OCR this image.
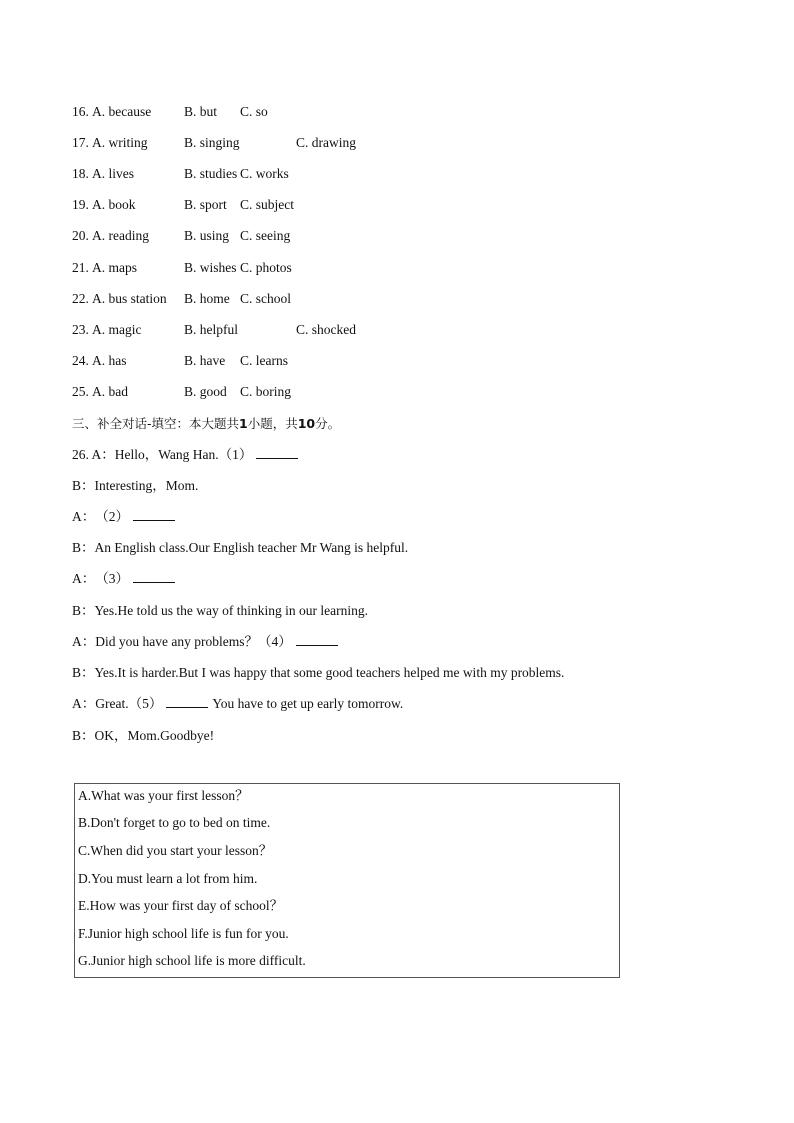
16. A. because B. but C. so
17. A. writing	B. singing	C. drawing
18. A. lives	B. studies C. works
19. A. book	B. sport C. subject
20. A. reading	B. using C. seeing
21. A. maps	B. wishes C. photos
22. A. bus station B. home C. school
23. A. magic	B. helpful	C. shocked
24. A. has	B. have C. learns
25. A. bad	B. good C. boring
三、补全对话-填空：本大题共1小题，共10分。
26. A：Hello，Wang Han.（1）
B：Interesting，Mom.
A：（2）
B：An English class.Our English teacher Mr Wang is helpful.
A：（3）
B：Yes.He told us the way of thinking in our learning.
A：Did you have any problems？（4）
B：Yes.It is harder.But I was happy that some good teachers helped me with my problems.
A：Great.（5）	You have to get up early tomorrow.
B：OK，Mom.Goodbye!
A.What was your first lesson？
B.Don't forget to go to bed on time.
C.When did you start your lesson？
D.You must learn a lot from him.
E.How was your first day of school？
F.Junior high school life is fun for you.
G.Junior high school life is more difficult.
